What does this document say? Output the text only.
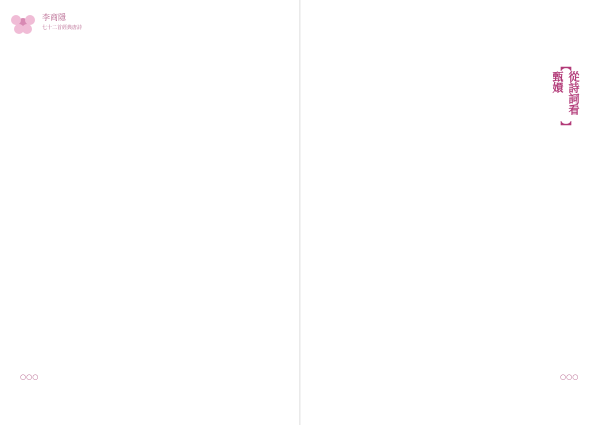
李商隱
七十二首經典唐詩
○○○
【
從詩詞看甄嬛
】
○○○
